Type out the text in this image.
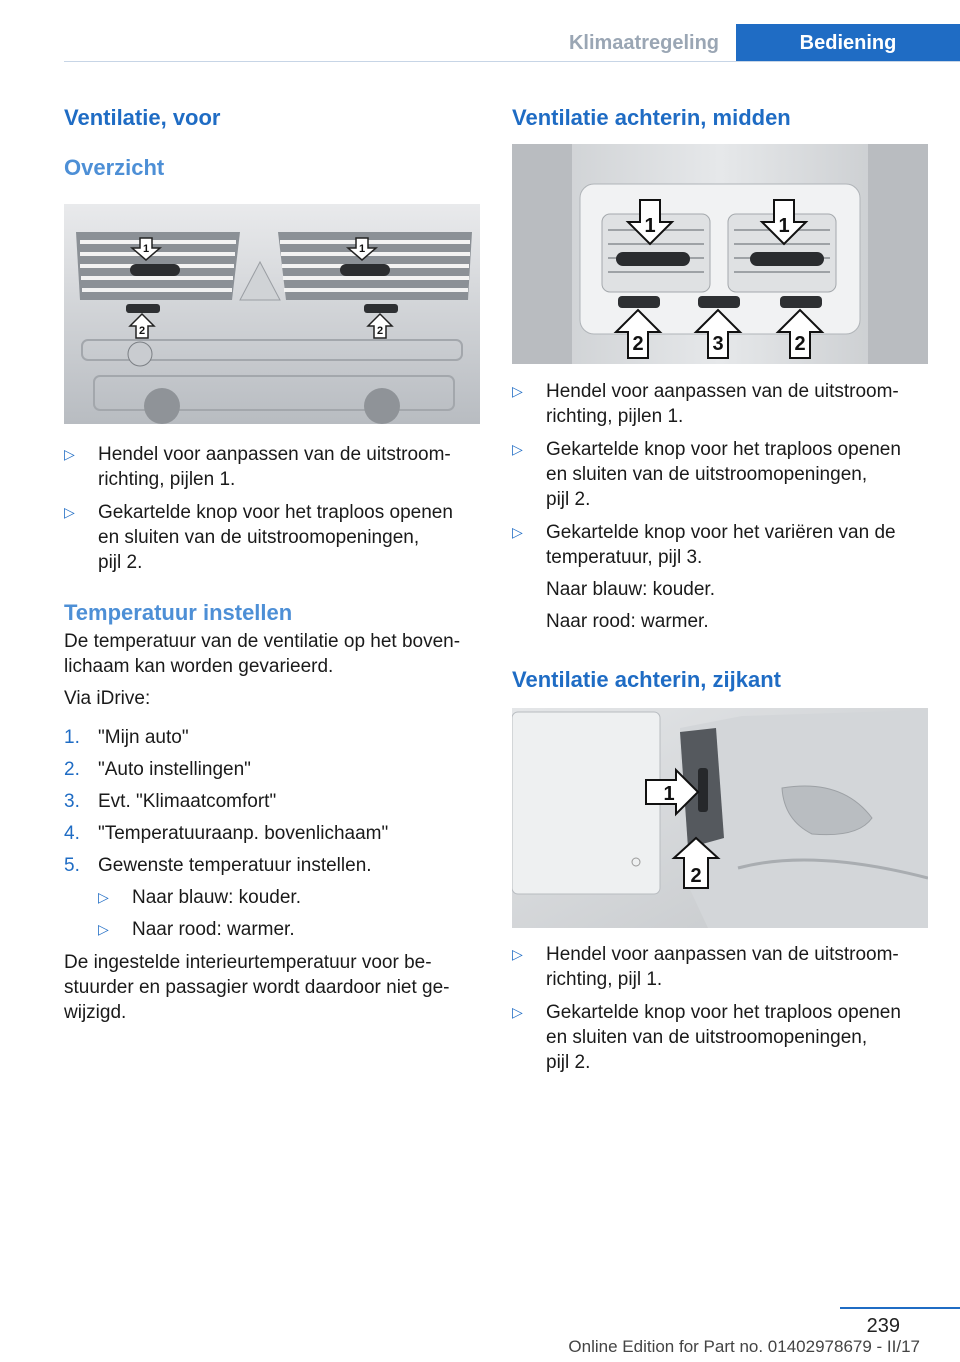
Klimaatregeling	Bediening
Ventilatie, voor
Overzicht
1	1
2	2
▷ Hendel voor aanpassen van de uitstroom-
richting, pijlen 1.
▷ Gekartelde knop voor het traploos openen
en sluiten van de uitstroomopeningen,
pijl 2.
Temperatuur instellen

De temperatuur van de ventilatie op het boven-

lichaam kan worden gevarieerd.

Via iDrive:

1. "Mijn auto"
2. "Auto instellingen"
3. Evt. "Klimaatcomfort"
4. "Temperatuuraanp. bovenlichaam"
5. Gewenste temperatuur instellen.
▷ Naar blauw: kouder.
▷ Naar rood: warmer.

De ingestelde interieurtemperatuur voor be-

stuurder en passagier wordt daardoor niet ge-

wijzigd.

Ventilatie achterin, midden
1	1
2	3	2
▷ Hendel voor aanpassen van de uitstroom-
richting, pijlen 1.
▷ Gekartelde knop voor het traploos openen
en sluiten van de uitstroomopeningen,
pijl 2.
▷ Gekartelde knop voor het variëren van de
temperatuur, pijl 3.

Naar blauw: kouder.

Naar rood: warmer.

Ventilatie achterin, zijkant
1
2
▷ Hendel voor aanpassen van de uitstroom-
richting, pijl 1.
▷ Gekartelde knop voor het traploos openen
en sluiten van de uitstroomopeningen,
pijl 2.
239
Online Edition for Part no. 01402978679 - II/17
